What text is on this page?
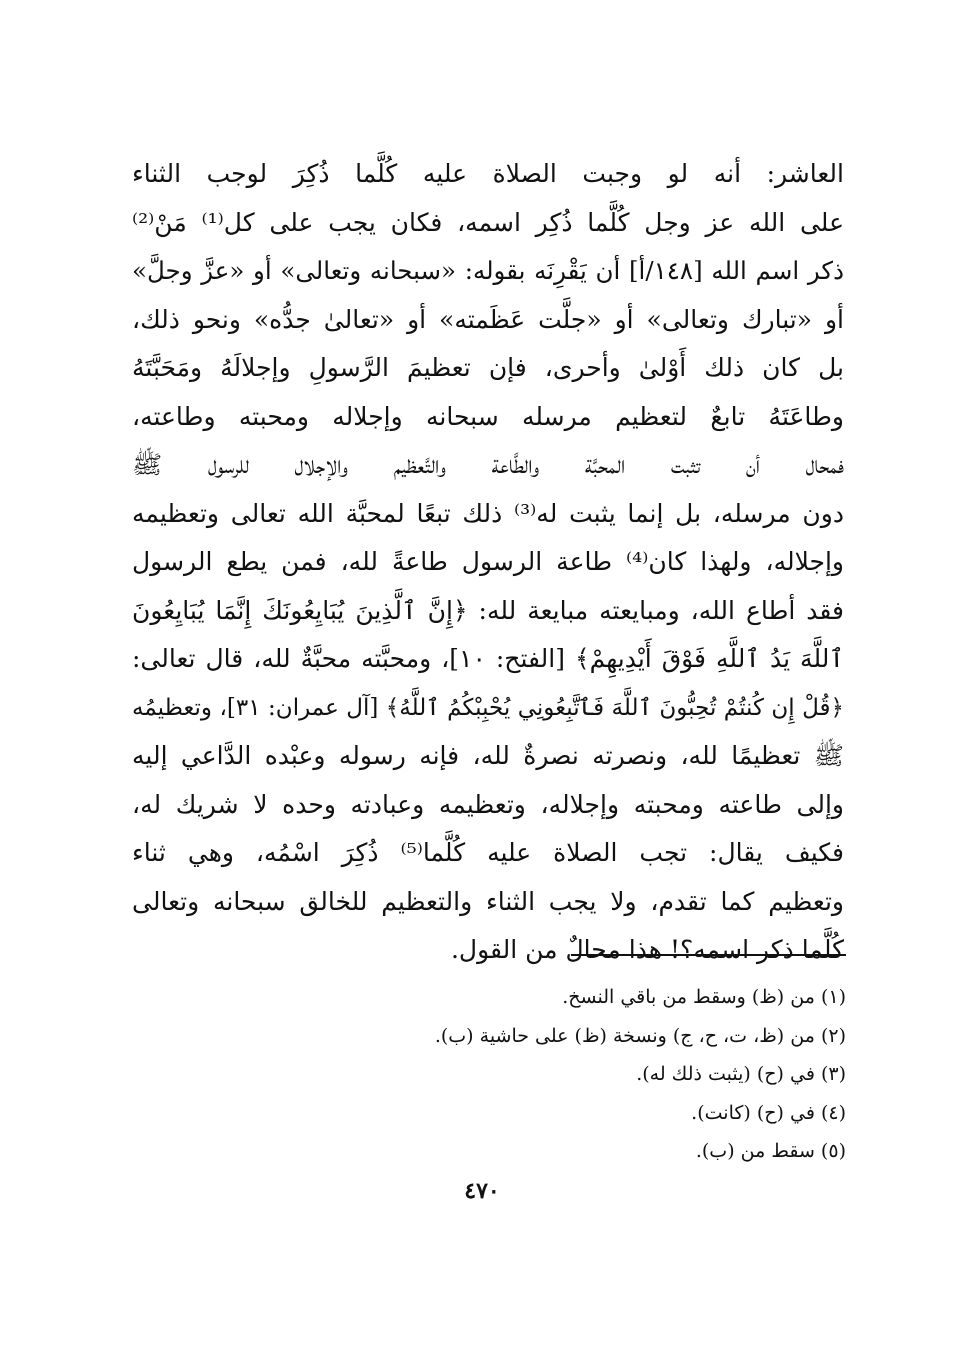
العاشر: أنه لو وجبت الصلاة عليه كُلَّما ذُكِرَ لوجب الثناء
على الله عز وجل كُلَّما ذُكِر اسمه، فكان يجب على كل⁽¹⁾ مَنْ⁽²⁾
ذكر اسم الله [١٤٨/أ] أن يَقْرِنَه بقوله: «سبحانه وتعالى» أو «عزَّ وجلَّ»
أو «تبارك وتعالى» أو «جلَّت عَظَمته» أو «تعالىٰ جدُّه» ونحو ذلك،
بل كان ذلك أَوْلىٰ وأحرى، فإن تعظيمَ الرَّسولِ وإجلالَهُ ومَحَبَّتَهُ
وطاعَتَهُ تابعٌ لتعظيم مرسله سبحانه وإجلاله ومحبته وطاعته،
فمحال أن تثبت المحبَّة والطَّاعة والتَّعظيم والإجلال للرسول ﷺ
دون مرسله، بل إنما يثبت له⁽³⁾ ذلك تبعًا لمحبَّة الله تعالى وتعظيمه
وإجلاله، ولهذا كان⁽⁴⁾ طاعة الرسول طاعةً لله، فمن يطع الرسول
فقد أطاع الله، ومبايعته مبايعة لله: ﴿إِنَّ ٱلَّذِينَ يُبَايِعُونَكَ إِنَّمَا يُبَايِعُونَ
ٱللَّهَ يَدُ ٱللَّهِ فَوْقَ أَيْدِيهِمْ﴾ [الفتح: ١٠]، ومحبَّته محبَّةٌ لله، قال تعالى:
﴿قُلْ إِن كُنتُمْ تُحِبُّونَ ٱللَّهَ فَٱتَّبِعُونِي يُحْبِبْكُمُ ٱللَّهُ﴾ [آل عمران: ٣١]، وتعظيمُه
ﷺ تعظيمًا لله، ونصرته نصرةٌ لله، فإنه رسوله وعبْده الدَّاعي إليه
وإلى طاعته ومحبته وإجلاله، وتعظيمه وعبادته وحده لا شريك له،
فكيف يقال: تجب الصلاة عليه كُلَّما⁽⁵⁾ ذُكِرَ اسْمُه، وهي ثناء
وتعظيم كما تقدم، ولا يجب الثناء والتعظيم للخالق سبحانه وتعالى
كُلَّما ذكر اسمه؟! هذا محالٌ من القول.
(١) من (ظ) وسقط من باقي النسخ.
(٢) من (ظ، ت، ح، ج) ونسخة (ظ) على حاشية (ب).
(٣) في (ح) (يثبت ذلك له).
(٤) في (ح) (كانت).
(٥) سقط من (ب).
٤٧٠
